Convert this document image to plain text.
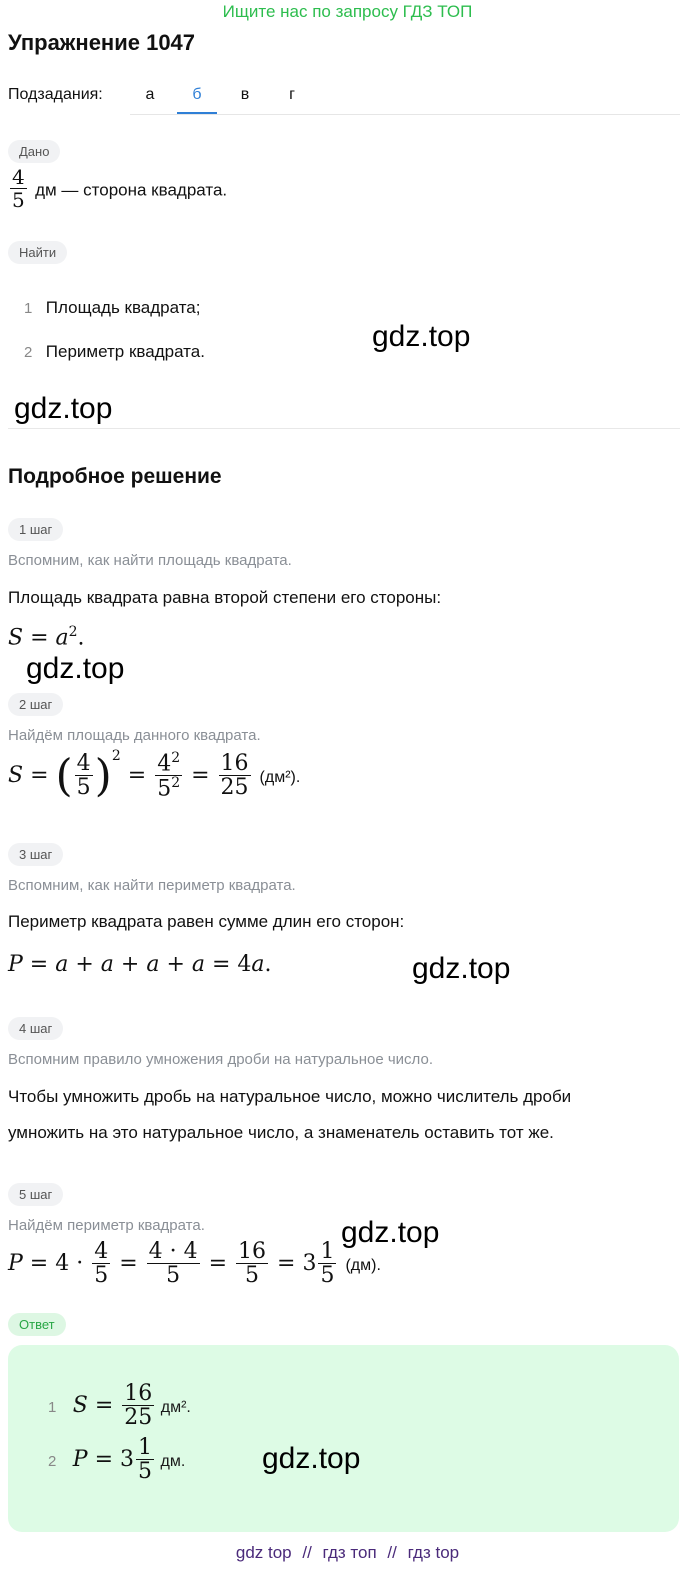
Ищите нас по запросу ГДЗ ТОП
Упражнение 1047
Подзадания:	а	б	в	г
Дано
$\frac{4}{5}$ дм — сторона квадрата.
Найти
1 Площадь квадрата;
2 Периметр квадрата.	gdz.top
gdz.top
Подробное решение
1 шаг
Вспомним, как найти площадь квадрата.
Площадь квадрата равна второй степени его стороны:
$S = a^2$.
gdz.top
2 шаг
Найдём площадь данного квадрата.
S = ( $\frac{4}{5} )^2 = \frac{4^2}{5^2} = \frac{16}{25} (дм^2)$.
3 шаг
Вспомним, как найти периметр квадрата.
Периметр квадрата равен сумме длин его сторон:
P = a + a + a + a = 4a.	gdz.top
4 шаг
Вспомним правило умножения дроби на натуральное число.
Чтобы умножить дробь на натуральное число, можно числитель дроби
умножить на это натуральное число, а знаменатель оставить тот же.
5 шаг
Найдём периметр квадрата.
$P = 4 \cdot \frac{4}{5} = \frac{4 \cdot 4}{5} = \frac{16}{5} = 3 \frac{1}{5} (дм)$.
gdz.top
Ответ
1 $S = \frac{16}{25} дм^2$.
2 $P = 3 \frac{1}{5}$ дм.	gdz.top
gdz top // гдз топ // гдз top
